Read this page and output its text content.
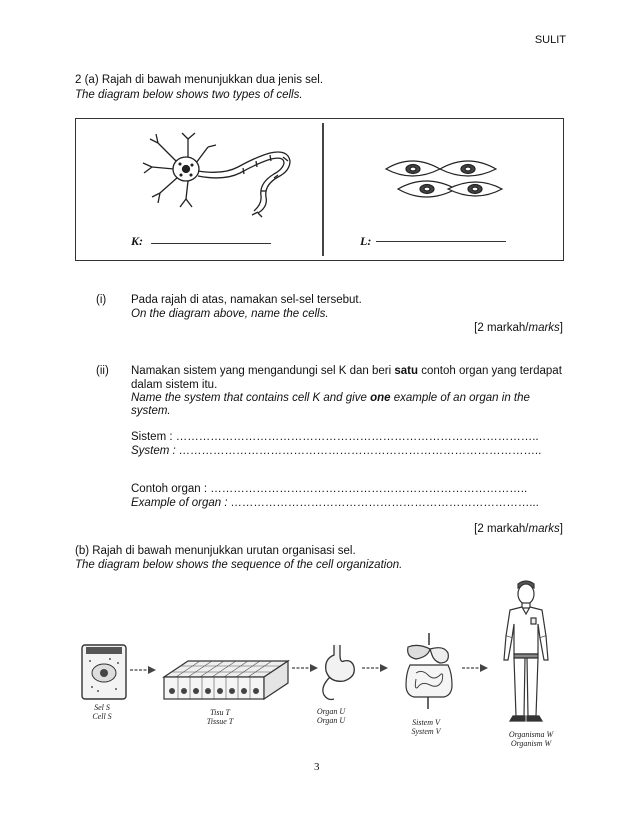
SULIT
2 (a) Rajah di bawah menunjukkan dua jenis sel.
The diagram below shows two types of cells.
K:	L:
(i) Pada rajah di atas, namakan sel-sel tersebut.
On the diagram above, name the cells.
[2 markah/marks]
(ii) Namakan sistem yang mengandungi sel K dan beri satu contoh organ yang terdapat
dalam sistem itu.
Name the system that contains cell K and give one example of an organ in the
system.
Sistem : …………………………………………………………………………………..
System : …………………………………………………………………………………..
Contoh organ : ………………………………………………………………………..
Example of organ : ……………………………………………………………………...
[2 markah/marks]
(b) Rajah di bawah menunjukkan urutan organisasi sel.
The diagram below shows the sequence of the cell organization.
Sel S
Cell S	Tisu T
Tissue T
Organ U
Organ U	Sistem V
System V	Organisma W
Organism W
3
